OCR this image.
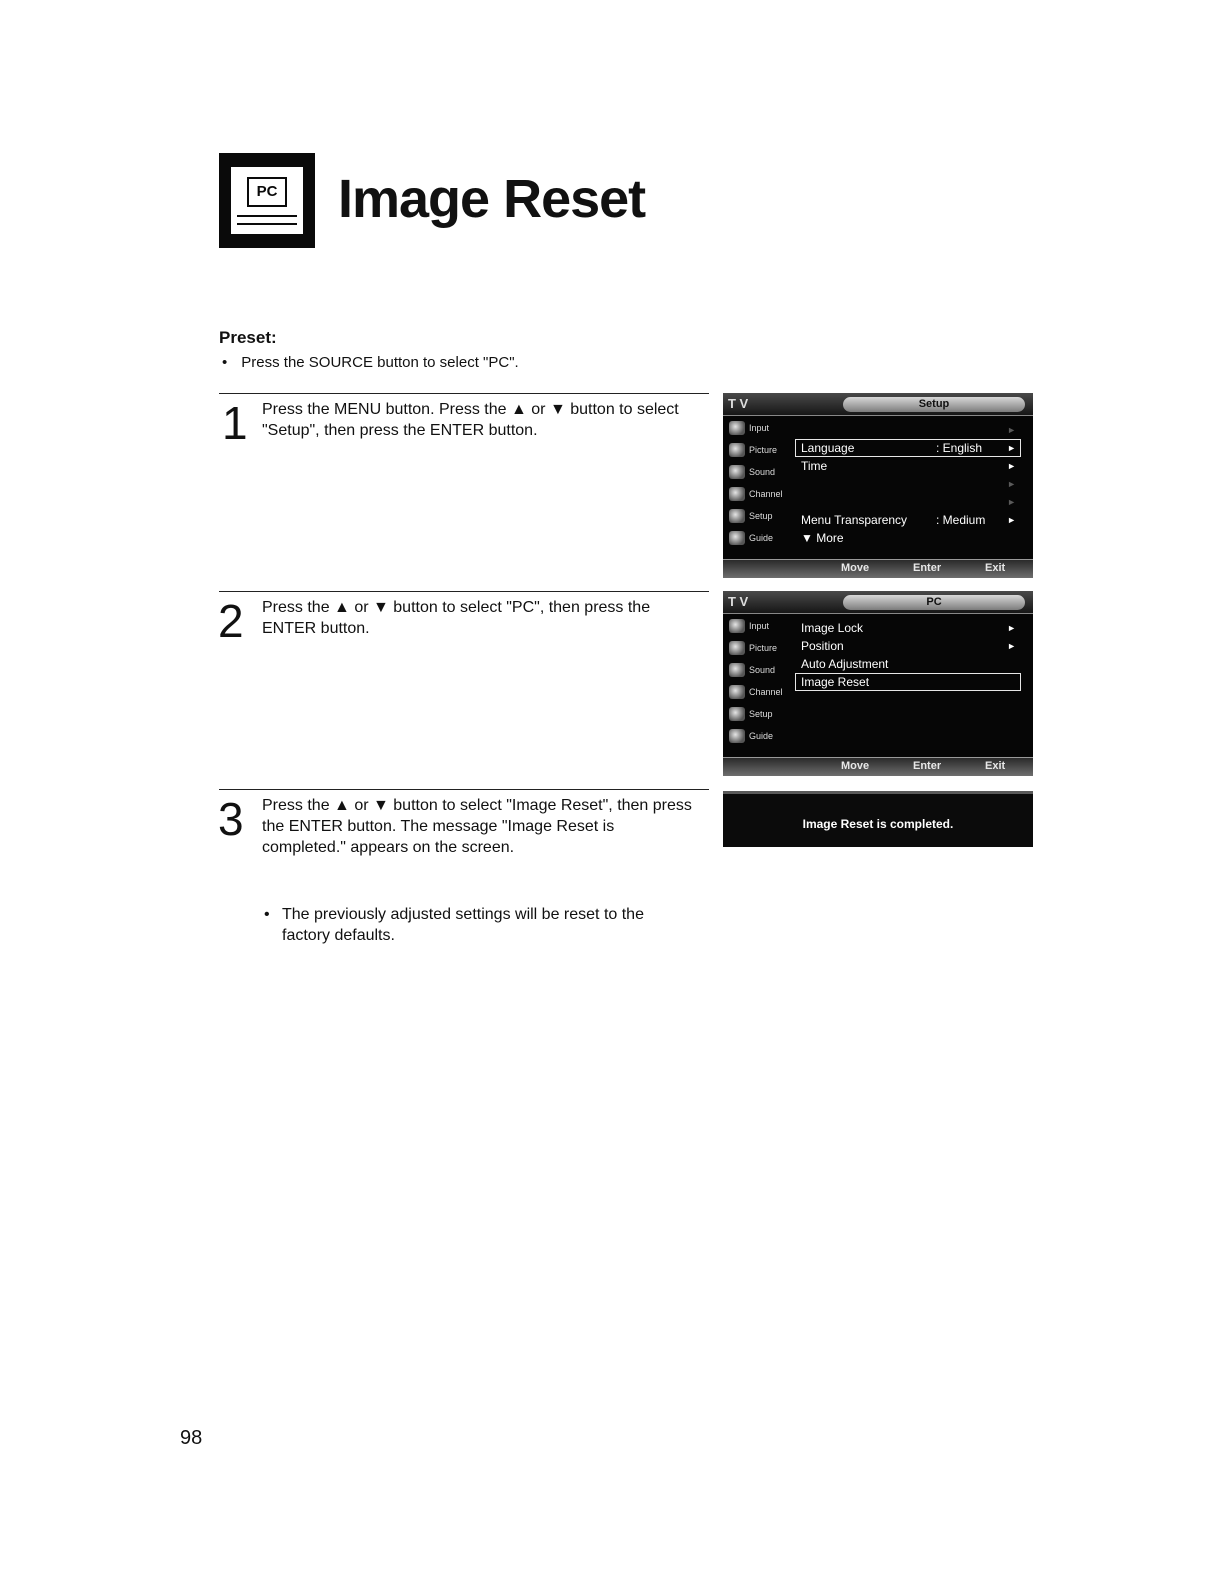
PC Image Reset
Preset:
• Press the SOURCE button to select "PC".
1 Press the MENU button. Press the ▲ or ▼ button to select "Setup", then press the ENTER button.
2 Press the ▲ or ▼ button to select "PC", then press the ENTER button.
3 Press the ▲ or ▼ button to select "Image Reset", then press the ENTER button. The message "Image Reset is completed." appears on the screen.
• The previously adjusted settings will be reset to the factory defaults.
T V	Setup
Input
Picture
Sound
Channel
Setup
Guide
►
Language	: English	►
Time	►
►
►
Menu Transparency : Medium ►
▼ More
Move	Enter	Exit
T V	PC
Input
Picture
Sound
Channel
Setup
Guide
Image Lock	►
Position	►
Auto Adjustment
Image Reset
Move	Enter	Exit
Image Reset is completed.
98
